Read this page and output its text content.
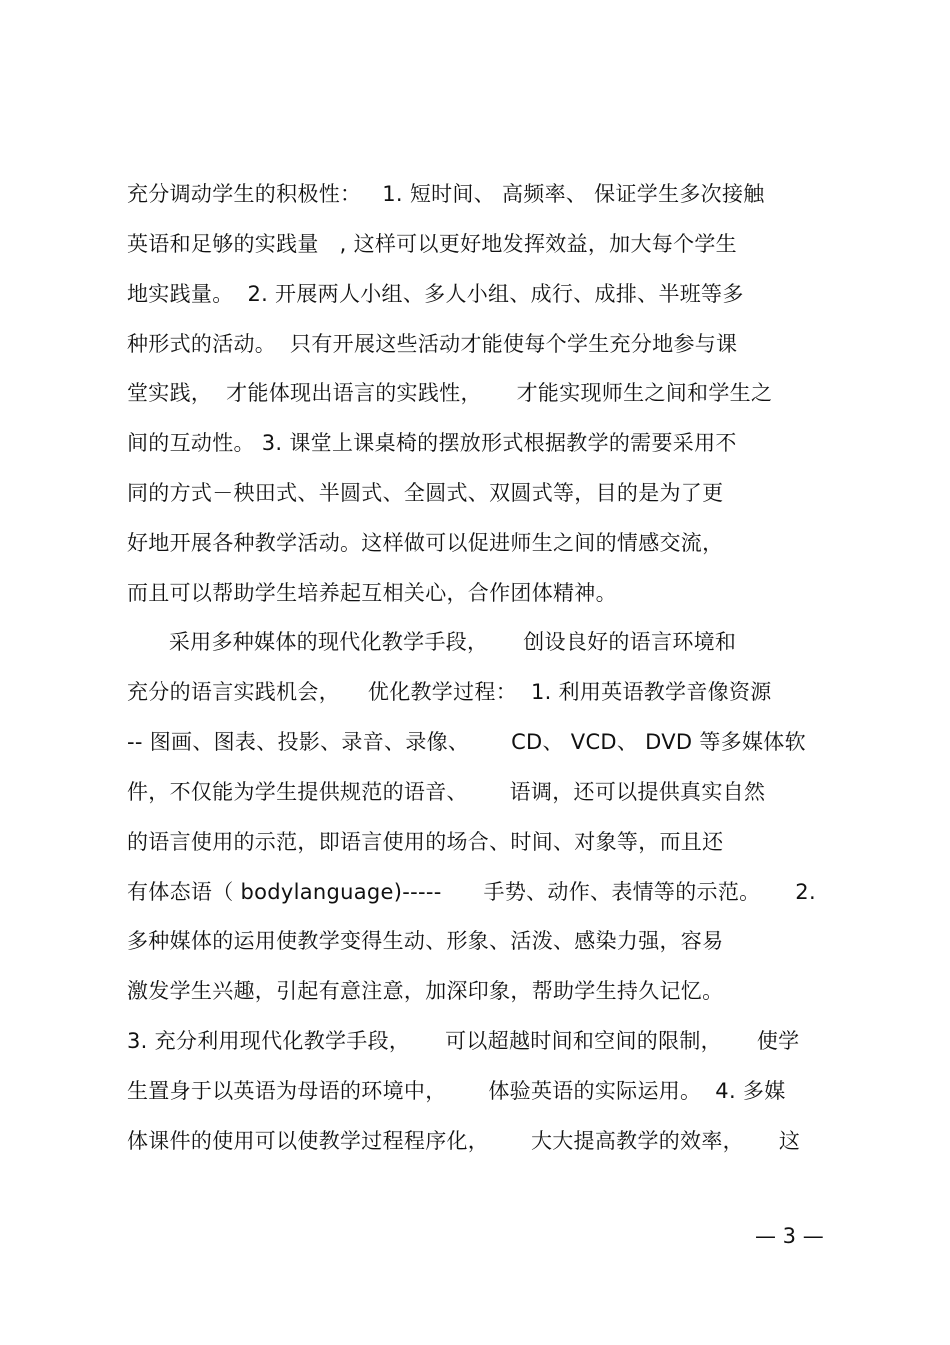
充分调动学生的积极性：   1. 短时间、 高频率、 保证学生多次接触
英语和足够的实践量   , 这样可以更好地发挥效益，加大每个学生
地实践量。  2. 开展两人小组、多人小组、成行、成排、半班等多
种形式的活动。  只有开展这些活动才能使每个学生充分地参与课
堂实践，  才能体现出语言的实践性，     才能实现师生之间和学生之
间的互动性。 3. 课堂上课桌椅的摆放形式根据教学的需要采用不
同的方式－秧田式、半圆式、全圆式、双圆式等，目的是为了更
好地开展各种教学活动。这样做可以促进师生之间的情感交流，
而且可以帮助学生培养起互相关心，合作团体精神。
采用多种媒体的现代化教学手段，     创设良好的语言环境和
充分的语言实践机会，    优化教学过程：  1. 利用英语教学音像资源
-- 图画、图表、投影、录音、录像、      CD、 VCD、 DVD 等多媒体软
件，不仅能为学生提供规范的语音、      语调，还可以提供真实自然
的语言使用的示范，即语言使用的场合、时间、对象等，而且还
有体态语（ bodylanguage)-----      手势、动作、表情等的示范。     2.
多种媒体的运用使教学变得生动、形象、活泼、感染力强，容易
激发学生兴趣，引起有意注意，加深印象，帮助学生持久记忆。
3. 充分利用现代化教学手段，     可以超越时间和空间的限制，     使学
生置身于以英语为母语的环境中，      体验英语的实际运用。  4. 多媒
体课件的使用可以使教学过程程序化，      大大提高教学的效率，     这
— 3 —
